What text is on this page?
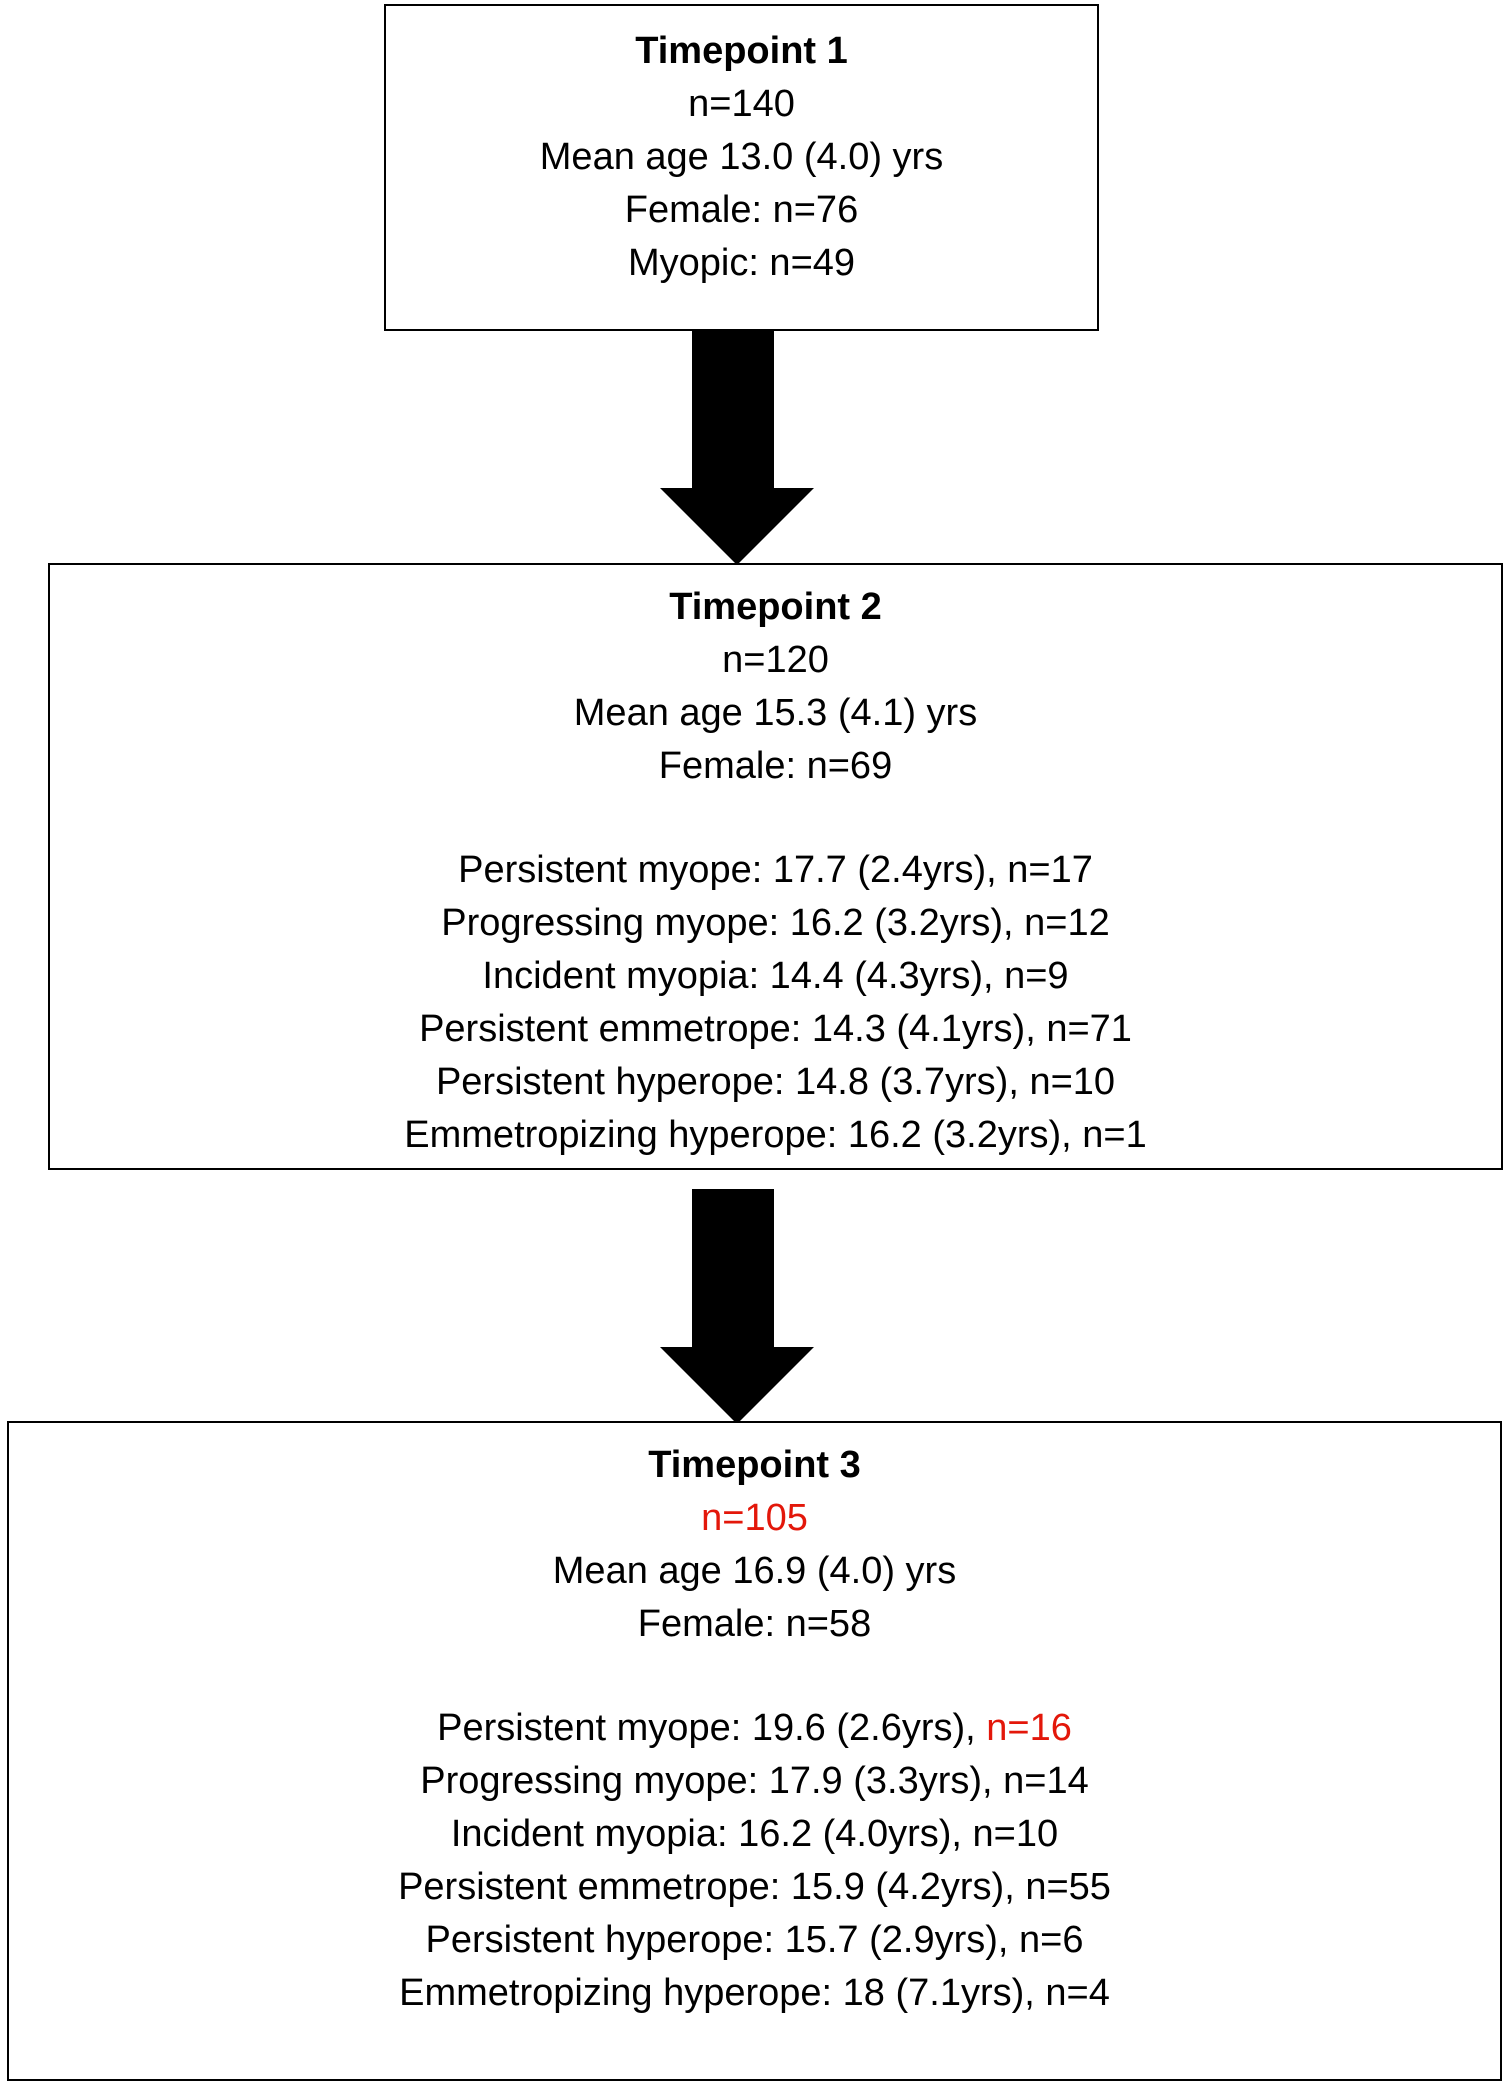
Timepoint 1
n=140
Mean age 13.0 (4.0) yrs
Female: n=76
Myopic: n=49
Timepoint 2
n=120
Mean age 15.3 (4.1) yrs
Female: n=69
Persistent myope: 17.7 (2.4yrs), n=17
Progressing myope: 16.2 (3.2yrs), n=12
Incident myopia: 14.4 (4.3yrs), n=9
Persistent emmetrope: 14.3 (4.1yrs), n=71
Persistent hyperope: 14.8 (3.7yrs), n=10
Emmetropizing hyperope: 16.2 (3.2yrs), n=1
Timepoint 3
n=105
Mean age 16.9 (4.0) yrs
Female: n=58
Persistent myope: 19.6 (2.6yrs), n=16
Progressing myope: 17.9 (3.3yrs), n=14
Incident myopia: 16.2 (4.0yrs), n=10
Persistent emmetrope: 15.9 (4.2yrs), n=55
Persistent hyperope: 15.7 (2.9yrs), n=6
Emmetropizing hyperope: 18 (7.1yrs), n=4
